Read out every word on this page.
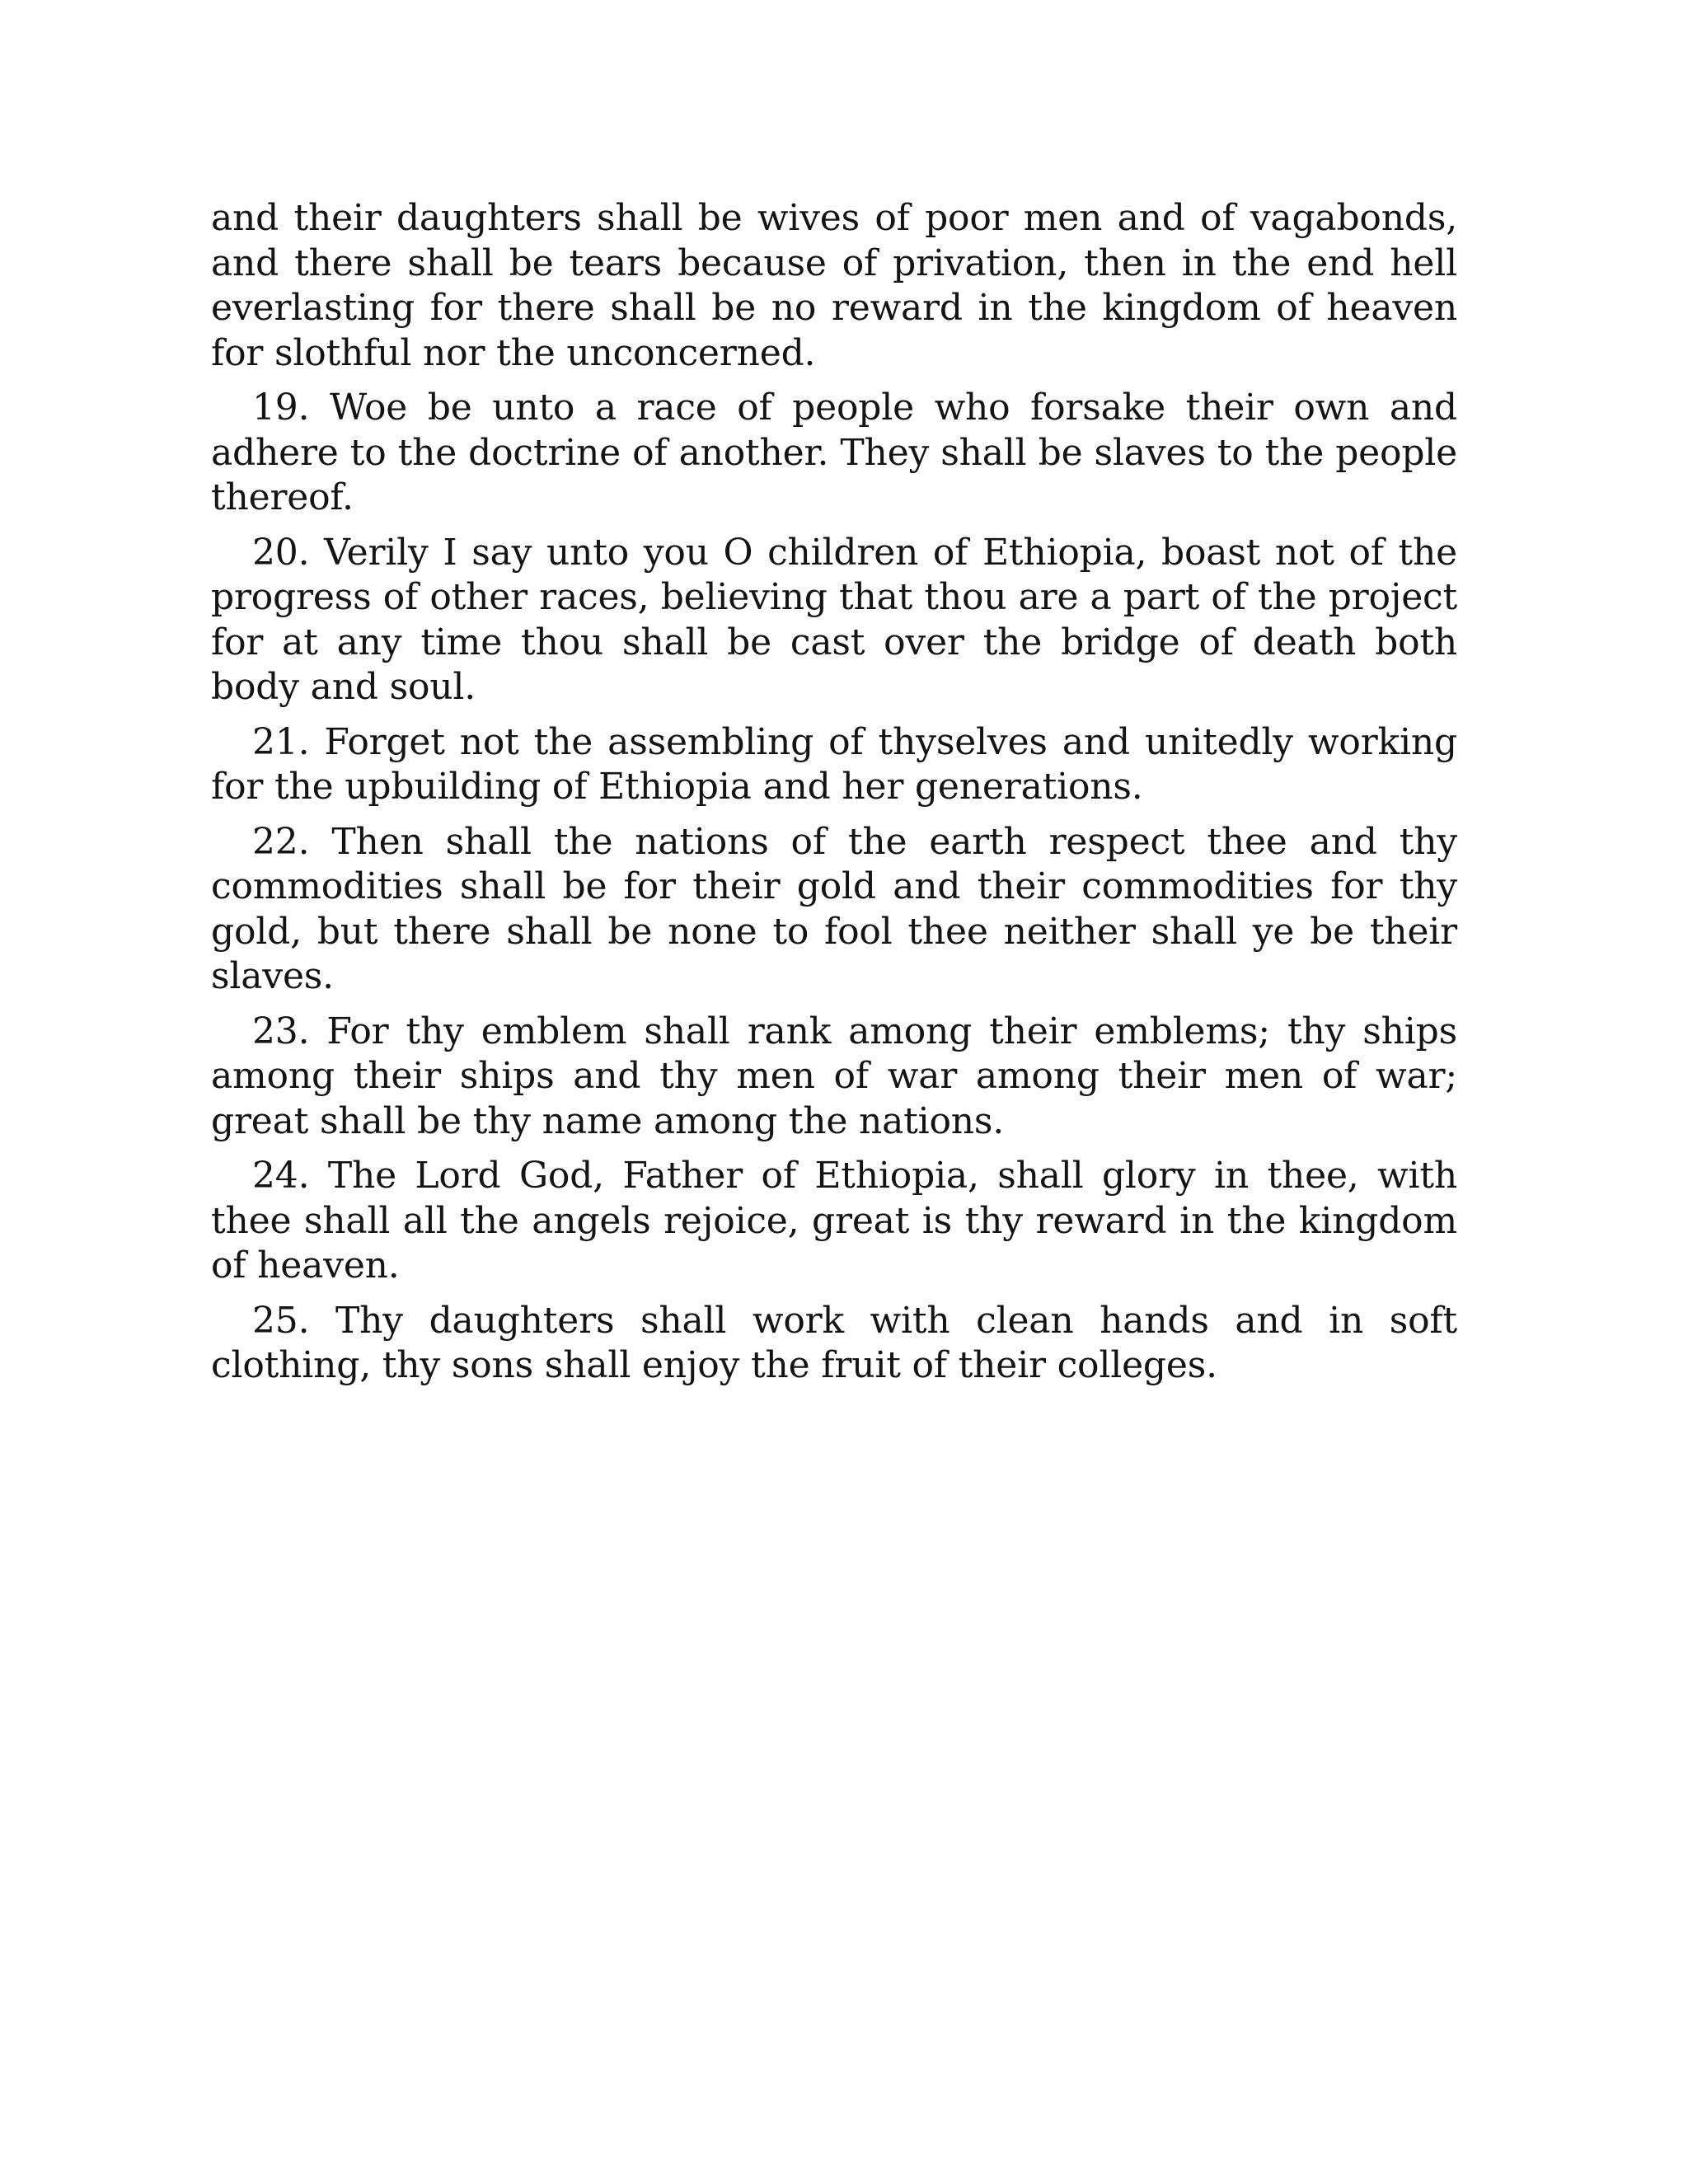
and their daughters shall be wives of poor men and of vagabonds, and there shall be tears because of privation, then in the end hell everlasting for there shall be no reward in the kingdom of heaven for slothful nor the unconcerned.

19. Woe be unto a race of people who forsake their own and adhere to the doctrine of another. They shall be slaves to the people thereof.

20. Verily I say unto you O children of Ethiopia, boast not of the progress of other races, believing that thou are a part of the project for at any time thou shall be cast over the bridge of death both body and soul.

21. Forget not the assembling of thyselves and unitedly working for the upbuilding of Ethiopia and her generations.

22. Then shall the nations of the earth respect thee and thy commodities shall be for their gold and their commodities for thy gold, but there shall be none to fool thee neither shall ye be their slaves.

23. For thy emblem shall rank among their emblems; thy ships among their ships and thy men of war among their men of war; great shall be thy name among the nations.

24. The Lord God, Father of Ethiopia, shall glory in thee, with thee shall all the angels rejoice, great is thy reward in the kingdom of heaven.

25. Thy daughters shall work with clean hands and in soft clothing, thy sons shall enjoy the fruit of their colleges.
